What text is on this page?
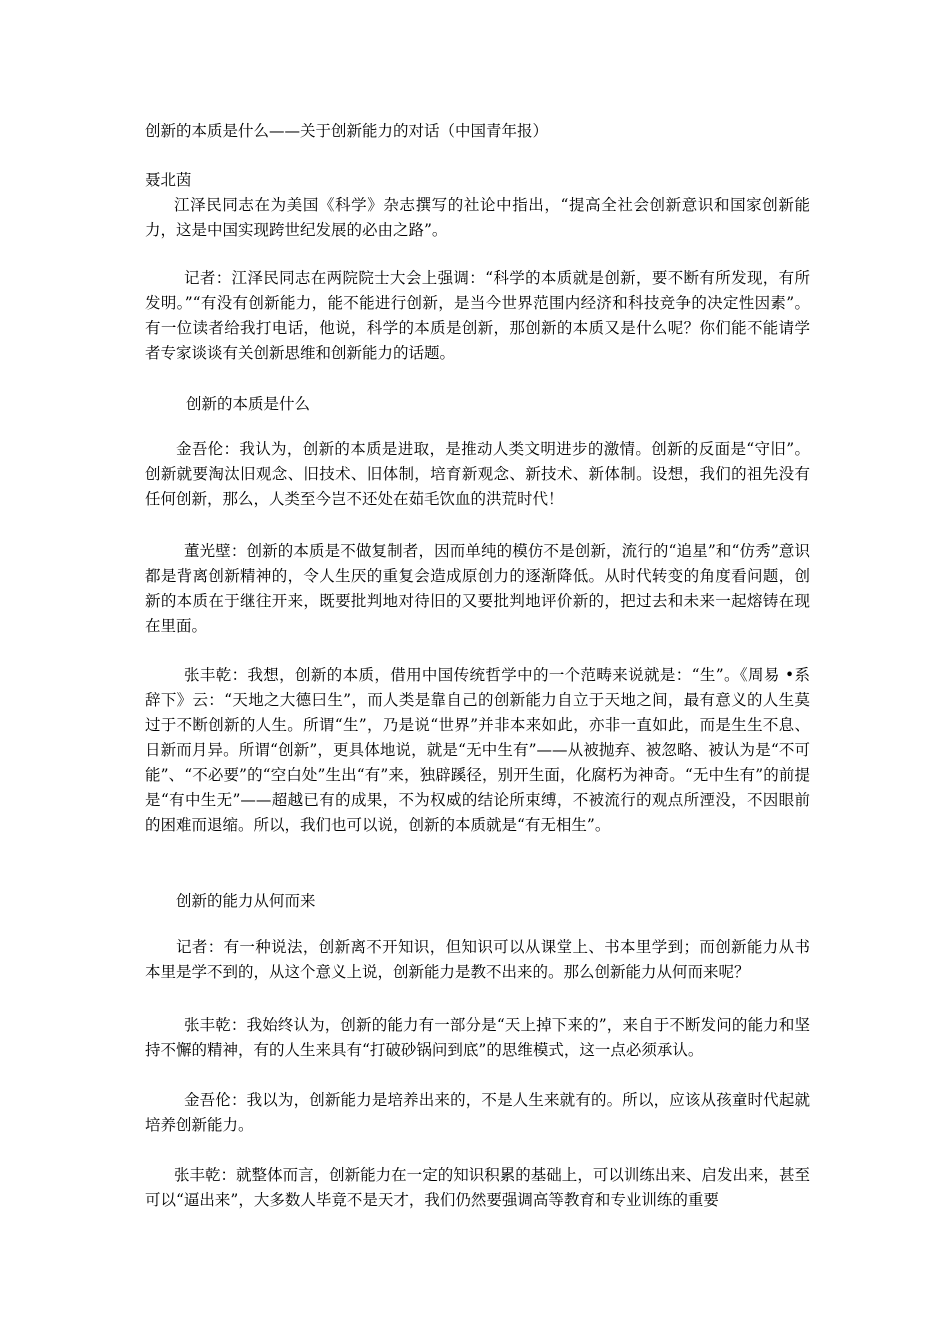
创新的本质是什么——关于创新能力的对话（中国青年报）
聂北茵
江泽民同志在为美国《科学》杂志撰写的社论中指出，“提高全社会创新意识和国家创新能力，这是中国实现跨世纪发展的必由之路”。
记者：江泽民同志在两院院士大会上强调：“科学的本质就是创新，要不断有所发现，有所发明。”“有没有创新能力，能不能进行创新，是当今世界范围内经济和科技竞争的决定性因素”。有一位读者给我打电话，他说，科学的本质是创新，那创新的本质又是什么呢？你们能不能请学者专家谈谈有关创新思维和创新能力的话题。
创新的本质是什么
金吾伦：我认为，创新的本质是进取，是推动人类文明进步的激情。创新的反面是“守旧”。创新就要淘汰旧观念、旧技术、旧体制，培育新观念、新技术、新体制。设想，我们的祖先没有任何创新，那么，人类至今岂不还处在茹毛饮血的洪荒时代！
董光壁：创新的本质是不做复制者，因而单纯的模仿不是创新，流行的“追星”和“仿秀”意识都是背离创新精神的，令人生厌的重复会造成原创力的逐渐降低。从时代转变的角度看问题，创新的本质在于继往开来，既要批判地对待旧的又要批判地评价新的，把过去和未来一起熔铸在现在里面。
张丰乾：我想，创新的本质，借用中国传统哲学中的一个范畴来说就是：“生”。《周易 •系辞下》云：“天地之大德曰生”，而人类是靠自己的创新能力自立于天地之间，最有意义的人生莫过于不断创新的人生。所谓“生”，乃是说“世界”并非本来如此，亦非一直如此，而是生生不息、日新而月异。所谓“创新”，更具体地说，就是“无中生有”——从被抛弃、被忽略、被认为是“不可能”、“不必要”的“空白处”生出“有”来，独辟蹊径，别开生面，化腐朽为神奇。“无中生有”的前提是“有中生无”——超越已有的成果，不为权威的结论所束缚，不被流行的观点所湮没，不因眼前的困难而退缩。所以，我们也可以说，创新的本质就是“有无相生”。
创新的能力从何而来
记者：有一种说法，创新离不开知识，但知识可以从课堂上、书本里学到；而创新能力从书本里是学不到的，从这个意义上说，创新能力是教不出来的。那么创新能力从何而来呢？
张丰乾：我始终认为，创新的能力有一部分是“天上掉下来的”，来自于不断发问的能力和坚持不懈的精神，有的人生来具有“打破砂锅问到底”的思维模式，这一点必须承认。
金吾伦：我以为，创新能力是培养出来的，不是人生来就有的。所以，应该从孩童时代起就培养创新能力。
张丰乾：就整体而言，创新能力在一定的知识积累的基础上，可以训练出来、启发出来，甚至可以“逼出来”，大多数人毕竟不是天才，我们仍然要强调高等教育和专业训练的重要
